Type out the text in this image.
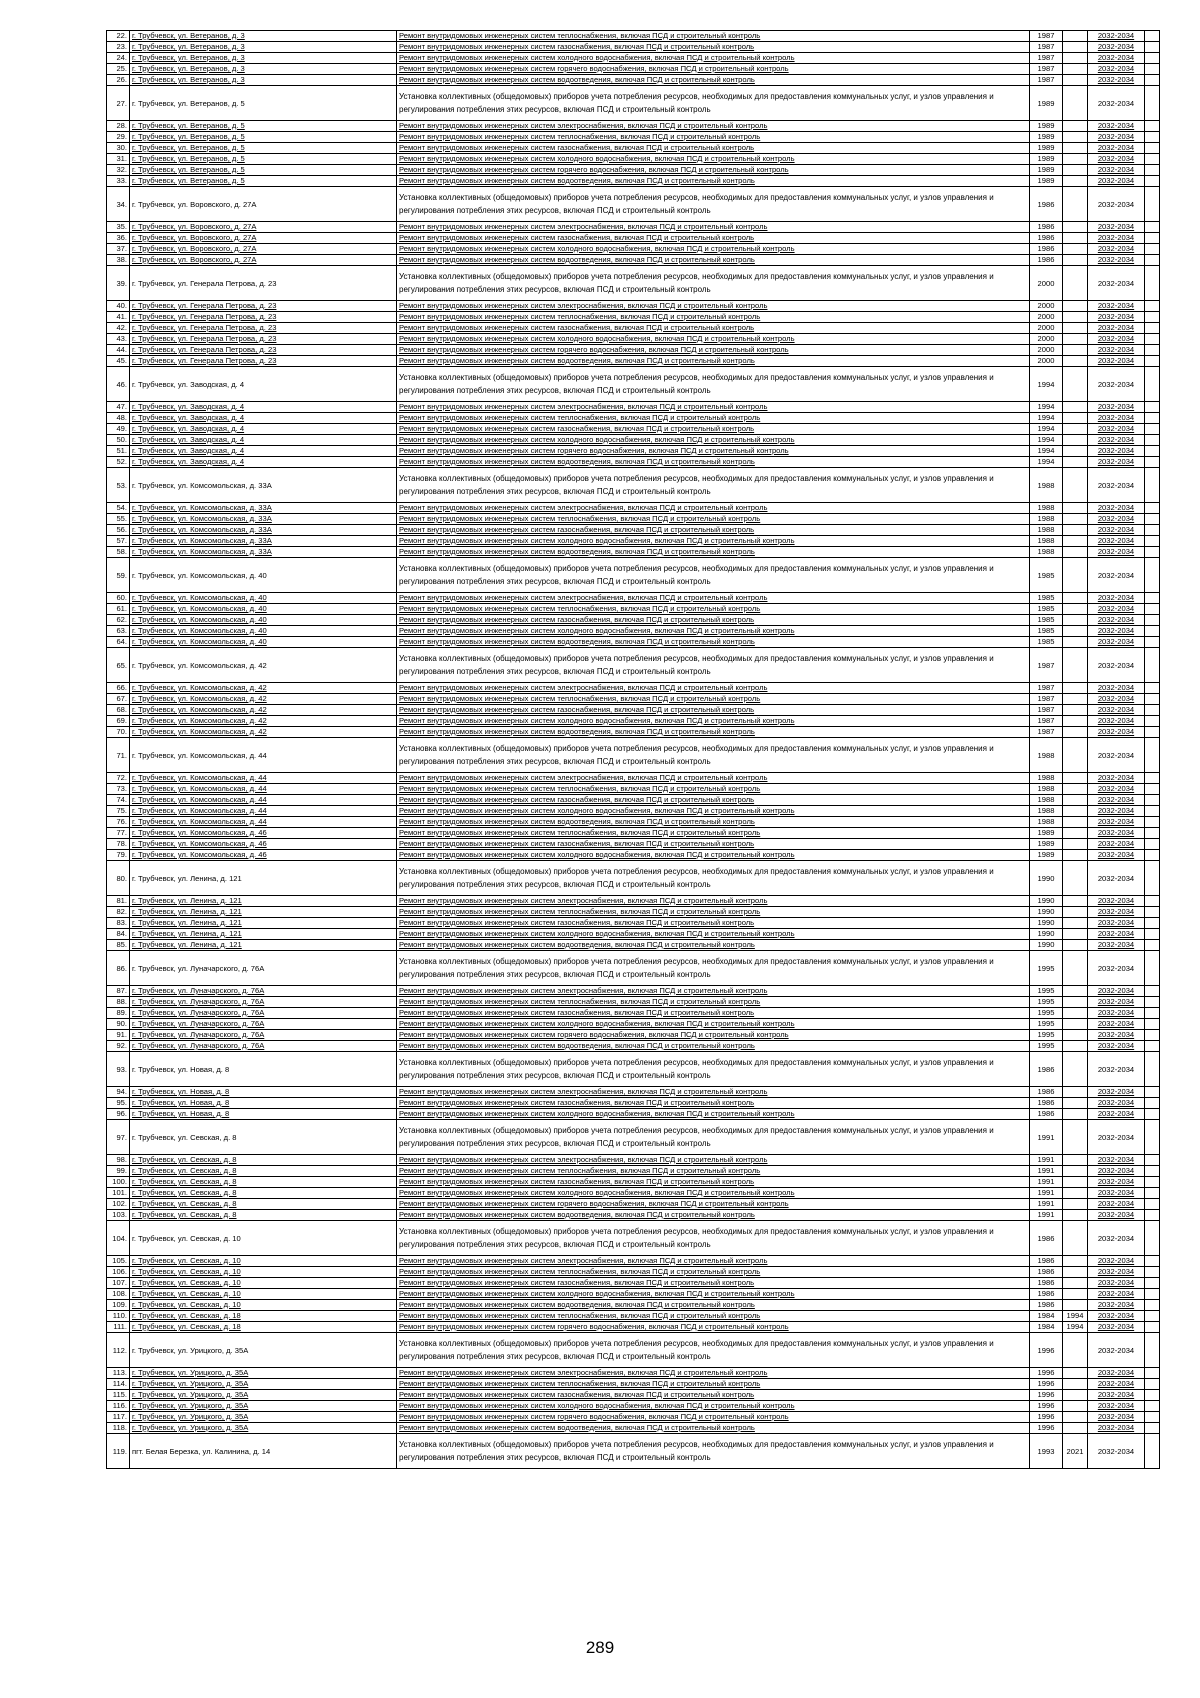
22.	г. Трубчевск, ул. Ветеранов, д. 3	Ремонт внутридомовых инженерных систем теплоснабжения, включая ПСД и строительный контроль	1987		2032-2034	
23.	г. Трубчевск, ул. Ветеранов, д. 3	Ремонт внутридомовых инженерных систем газоснабжения, включая ПСД и строительный контроль	1987		2032-2034	
24.	г. Трубчевск, ул. Ветеранов, д. 3	Ремонт внутридомовых инженерных систем холодного водоснабжения, включая ПСД и строительный контроль	1987		2032-2034	
25.	г. Трубчевск, ул. Ветеранов, д. 3	Ремонт внутридомовых инженерных систем горячего водоснабжения, включая ПСД и строительный контроль	1987		2032-2034	
26.	г. Трубчевск, ул. Ветеранов, д. 3	Ремонт внутридомовых инженерных систем водоотведения, включая ПСД и строительный контроль	1987		2032-2034	
27.	г. Трубчевск, ул. Ветеранов, д. 5	Установка коллективных (общедомовых) приборов учета потребления ресурсов, необходимых для предоставления коммунальных услуг, и узлов управления и регулирования потребления этих ресурсов, включая ПСД и строительный контроль	1989		2032-2034	
28.	г. Трубчевск, ул. Ветеранов, д. 5	Ремонт внутридомовых инженерных систем электроснабжения, включая ПСД и строительный контроль	1989		2032-2034	
29.	г. Трубчевск, ул. Ветеранов, д. 5	Ремонт внутридомовых инженерных систем теплоснабжения, включая ПСД и строительный контроль	1989		2032-2034	
30.	г. Трубчевск, ул. Ветеранов, д. 5	Ремонт внутридомовых инженерных систем газоснабжения, включая ПСД и строительный контроль	1989		2032-2034	
31.	г. Трубчевск, ул. Ветеранов, д. 5	Ремонт внутридомовых инженерных систем холодного водоснабжения, включая ПСД и строительный контроль	1989		2032-2034	
32.	г. Трубчевск, ул. Ветеранов, д. 5	Ремонт внутридомовых инженерных систем горячего водоснабжения, включая ПСД и строительный контроль	1989		2032-2034	
33.	г. Трубчевск, ул. Ветеранов, д. 5	Ремонт внутридомовых инженерных систем водоотведения, включая ПСД и строительный контроль	1989		2032-2034	
34.	г. Трубчевск, ул. Воровского, д. 27А	Установка коллективных (общедомовых) приборов учета потребления ресурсов, необходимых для предоставления коммунальных услуг, и узлов управления и регулирования потребления этих ресурсов, включая ПСД и строительный контроль	1986		2032-2034	
35.	г. Трубчевск, ул. Воровского, д. 27А	Ремонт внутридомовых инженерных систем электроснабжения, включая ПСД и строительный контроль	1986		2032-2034	
36.	г. Трубчевск, ул. Воровского, д. 27А	Ремонт внутридомовых инженерных систем газоснабжения, включая ПСД и строительный контроль	1986		2032-2034	
37.	г. Трубчевск, ул. Воровского, д. 27А	Ремонт внутридомовых инженерных систем холодного водоснабжения, включая ПСД и строительный контроль	1986		2032-2034	
38.	г. Трубчевск, ул. Воровского, д. 27А	Ремонт внутридомовых инженерных систем водоотведения, включая ПСД и строительный контроль	1986		2032-2034	
39.	г. Трубчевск, ул. Генерала Петрова, д. 23	Установка коллективных (общедомовых) приборов учета потребления ресурсов, необходимых для предоставления коммунальных услуг, и узлов управления и регулирования потребления этих ресурсов, включая ПСД и строительный контроль	2000		2032-2034	
40.	г. Трубчевск, ул. Генерала Петрова, д. 23	Ремонт внутридомовых инженерных систем электроснабжения, включая ПСД и строительный контроль	2000		2032-2034	
41.	г. Трубчевск, ул. Генерала Петрова, д. 23	Ремонт внутридомовых инженерных систем теплоснабжения, включая ПСД и строительный контроль	2000		2032-2034	
42.	г. Трубчевск, ул. Генерала Петрова, д. 23	Ремонт внутридомовых инженерных систем газоснабжения, включая ПСД и строительный контроль	2000		2032-2034	
43.	г. Трубчевск, ул. Генерала Петрова, д. 23	Ремонт внутридомовых инженерных систем холодного водоснабжения, включая ПСД и строительный контроль	2000		2032-2034	
44.	г. Трубчевск, ул. Генерала Петрова, д. 23	Ремонт внутридомовых инженерных систем горячего водоснабжения, включая ПСД и строительный контроль	2000		2032-2034	
45.	г. Трубчевск, ул. Генерала Петрова, д. 23	Ремонт внутридомовых инженерных систем водоотведения, включая ПСД и строительный контроль	2000		2032-2034	
46.	г. Трубчевск, ул. Заводская, д. 4	Установка коллективных (общедомовых) приборов учета потребления ресурсов, необходимых для предоставления коммунальных услуг, и узлов управления и регулирования потребления этих ресурсов, включая ПСД и строительный контроль	1994		2032-2034	
47.	г. Трубчевск, ул. Заводская, д. 4	Ремонт внутридомовых инженерных систем электроснабжения, включая ПСД и строительный контроль	1994		2032-2034	
48.	г. Трубчевск, ул. Заводская, д. 4	Ремонт внутридомовых инженерных систем теплоснабжения, включая ПСД и строительный контроль	1994		2032-2034	
49.	г. Трубчевск, ул. Заводская, д. 4	Ремонт внутридомовых инженерных систем газоснабжения, включая ПСД и строительный контроль	1994		2032-2034	
50.	г. Трубчевск, ул. Заводская, д. 4	Ремонт внутридомовых инженерных систем холодного водоснабжения, включая ПСД и строительный контроль	1994		2032-2034	
51.	г. Трубчевск, ул. Заводская, д. 4	Ремонт внутридомовых инженерных систем горячего водоснабжения, включая ПСД и строительный контроль	1994		2032-2034	
52.	г. Трубчевск, ул. Заводская, д. 4	Ремонт внутридомовых инженерных систем водоотведения, включая ПСД и строительный контроль	1994		2032-2034	
53.	г. Трубчевск, ул. Комсомольская, д. 33А	Установка коллективных (общедомовых) приборов учета потребления ресурсов, необходимых для предоставления коммунальных услуг, и узлов управления и регулирования потребления этих ресурсов, включая ПСД и строительный контроль	1988		2032-2034	
54.	г. Трубчевск, ул. Комсомольская, д. 33А	Ремонт внутридомовых инженерных систем электроснабжения, включая ПСД и строительный контроль	1988		2032-2034	
55.	г. Трубчевск, ул. Комсомольская, д. 33А	Ремонт внутридомовых инженерных систем теплоснабжения, включая ПСД и строительный контроль	1988		2032-2034	
56.	г. Трубчевск, ул. Комсомольская, д. 33А	Ремонт внутридомовых инженерных систем газоснабжения, включая ПСД и строительный контроль	1988		2032-2034	
57.	г. Трубчевск, ул. Комсомольская, д. 33А	Ремонт внутридомовых инженерных систем холодного водоснабжения, включая ПСД и строительный контроль	1988		2032-2034	
58.	г. Трубчевск, ул. Комсомольская, д. 33А	Ремонт внутридомовых инженерных систем водоотведения, включая ПСД и строительный контроль	1988		2032-2034	
59.	г. Трубчевск, ул. Комсомольская, д. 40	Установка коллективных (общедомовых) приборов учета потребления ресурсов, необходимых для предоставления коммунальных услуг, и узлов управления и регулирования потребления этих ресурсов, включая ПСД и строительный контроль	1985		2032-2034	
60.	г. Трубчевск, ул. Комсомольская, д. 40	Ремонт внутридомовых инженерных систем электроснабжения, включая ПСД и строительный контроль	1985		2032-2034	
61.	г. Трубчевск, ул. Комсомольская, д. 40	Ремонт внутридомовых инженерных систем теплоснабжения, включая ПСД и строительный контроль	1985		2032-2034	
62.	г. Трубчевск, ул. Комсомольская, д. 40	Ремонт внутридомовых инженерных систем газоснабжения, включая ПСД и строительный контроль	1985		2032-2034	
63.	г. Трубчевск, ул. Комсомольская, д. 40	Ремонт внутридомовых инженерных систем холодного водоснабжения, включая ПСД и строительный контроль	1985		2032-2034	
64.	г. Трубчевск, ул. Комсомольская, д. 40	Ремонт внутридомовых инженерных систем водоотведения, включая ПСД и строительный контроль	1985		2032-2034	
65.	г. Трубчевск, ул. Комсомольская, д. 42	Установка коллективных (общедомовых) приборов учета потребления ресурсов, необходимых для предоставления коммунальных услуг, и узлов управления и регулирования потребления этих ресурсов, включая ПСД и строительный контроль	1987		2032-2034	
66.	г. Трубчевск, ул. Комсомольская, д. 42	Ремонт внутридомовых инженерных систем электроснабжения, включая ПСД и строительный контроль	1987		2032-2034	
67.	г. Трубчевск, ул. Комсомольская, д. 42	Ремонт внутридомовых инженерных систем теплоснабжения, включая ПСД и строительный контроль	1987		2032-2034	
68.	г. Трубчевск, ул. Комсомольская, д. 42	Ремонт внутридомовых инженерных систем газоснабжения, включая ПСД и строительный контроль	1987		2032-2034	
69.	г. Трубчевск, ул. Комсомольская, д. 42	Ремонт внутридомовых инженерных систем холодного водоснабжения, включая ПСД и строительный контроль	1987		2032-2034	
70.	г. Трубчевск, ул. Комсомольская, д. 42	Ремонт внутридомовых инженерных систем водоотведения, включая ПСД и строительный контроль	1987		2032-2034	
71.	г. Трубчевск, ул. Комсомольская, д. 44	Установка коллективных (общедомовых) приборов учета потребления ресурсов, необходимых для предоставления коммунальных услуг, и узлов управления и регулирования потребления этих ресурсов, включая ПСД и строительный контроль	1988		2032-2034	
72.	г. Трубчевск, ул. Комсомольская, д. 44	Ремонт внутридомовых инженерных систем электроснабжения, включая ПСД и строительный контроль	1988		2032-2034	
73.	г. Трубчевск, ул. Комсомольская, д. 44	Ремонт внутридомовых инженерных систем теплоснабжения, включая ПСД и строительный контроль	1988		2032-2034	
74.	г. Трубчевск, ул. Комсомольская, д. 44	Ремонт внутридомовых инженерных систем газоснабжения, включая ПСД и строительный контроль	1988		2032-2034	
75.	г. Трубчевск, ул. Комсомольская, д. 44	Ремонт внутридомовых инженерных систем холодного водоснабжения, включая ПСД и строительный контроль	1988		2032-2034	
76.	г. Трубчевск, ул. Комсомольская, д. 44	Ремонт внутридомовых инженерных систем водоотведения, включая ПСД и строительный контроль	1988		2032-2034	
77.	г. Трубчевск, ул. Комсомольская, д. 46	Ремонт внутридомовых инженерных систем теплоснабжения, включая ПСД и строительный контроль	1989		2032-2034	
78.	г. Трубчевск, ул. Комсомольская, д. 46	Ремонт внутридомовых инженерных систем газоснабжения, включая ПСД и строительный контроль	1989		2032-2034	
79.	г. Трубчевск, ул. Комсомольская, д. 46	Ремонт внутридомовых инженерных систем холодного водоснабжения, включая ПСД и строительный контроль	1989		2032-2034	
80.	г. Трубчевск, ул. Ленина, д. 121	Установка коллективных (общедомовых) приборов учета потребления ресурсов, необходимых для предоставления коммунальных услуг, и узлов управления и регулирования потребления этих ресурсов, включая ПСД и строительный контроль	1990		2032-2034	
81.	г. Трубчевск, ул. Ленина, д. 121	Ремонт внутридомовых инженерных систем электроснабжения, включая ПСД и строительный контроль	1990		2032-2034	
82.	г. Трубчевск, ул. Ленина, д. 121	Ремонт внутридомовых инженерных систем теплоснабжения, включая ПСД и строительный контроль	1990		2032-2034	
83.	г. Трубчевск, ул. Ленина, д. 121	Ремонт внутридомовых инженерных систем газоснабжения, включая ПСД и строительный контроль	1990		2032-2034	
84.	г. Трубчевск, ул. Ленина, д. 121	Ремонт внутридомовых инженерных систем холодного водоснабжения, включая ПСД и строительный контроль	1990		2032-2034	
85.	г. Трубчевск, ул. Ленина, д. 121	Ремонт внутридомовых инженерных систем водоотведения, включая ПСД и строительный контроль	1990		2032-2034	
86.	г. Трубчевск, ул. Луначарского, д. 76А	Установка коллективных (общедомовых) приборов учета потребления ресурсов, необходимых для предоставления коммунальных услуг, и узлов управления и регулирования потребления этих ресурсов, включая ПСД и строительный контроль	1995		2032-2034	
87.	г. Трубчевск, ул. Луначарского, д. 76А	Ремонт внутридомовых инженерных систем электроснабжения, включая ПСД и строительный контроль	1995		2032-2034	
88.	г. Трубчевск, ул. Луначарского, д. 76А	Ремонт внутридомовых инженерных систем теплоснабжения, включая ПСД и строительный контроль	1995		2032-2034	
89.	г. Трубчевск, ул. Луначарского, д. 76А	Ремонт внутридомовых инженерных систем газоснабжения, включая ПСД и строительный контроль	1995		2032-2034	
90.	г. Трубчевск, ул. Луначарского, д. 76А	Ремонт внутридомовых инженерных систем холодного водоснабжения, включая ПСД и строительный контроль	1995		2032-2034	
91.	г. Трубчевск, ул. Луначарского, д. 76А	Ремонт внутридомовых инженерных систем горячего водоснабжения, включая ПСД и строительный контроль	1995		2032-2034	
92.	г. Трубчевск, ул. Луначарского, д. 76А	Ремонт внутридомовых инженерных систем водоотведения, включая ПСД и строительный контроль	1995		2032-2034	
93.	г. Трубчевск, ул. Новая, д. 8	Установка коллективных (общедомовых) приборов учета потребления ресурсов, необходимых для предоставления коммунальных услуг, и узлов управления и регулирования потребления этих ресурсов, включая ПСД и строительный контроль	1986		2032-2034	
94.	г. Трубчевск, ул. Новая, д. 8	Ремонт внутридомовых инженерных систем электроснабжения, включая ПСД и строительный контроль	1986		2032-2034	
95.	г. Трубчевск, ул. Новая, д. 8	Ремонт внутридомовых инженерных систем газоснабжения, включая ПСД и строительный контроль	1986		2032-2034	
96.	г. Трубчевск, ул. Новая, д. 8	Ремонт внутридомовых инженерных систем холодного водоснабжения, включая ПСД и строительный контроль	1986		2032-2034	
97.	г. Трубчевск, ул. Севская, д. 8	Установка коллективных (общедомовых) приборов учета потребления ресурсов, необходимых для предоставления коммунальных услуг, и узлов управления и регулирования потребления этих ресурсов, включая ПСД и строительный контроль	1991		2032-2034	
98.	г. Трубчевск, ул. Севская, д. 8	Ремонт внутридомовых инженерных систем электроснабжения, включая ПСД и строительный контроль	1991		2032-2034	
99.	г. Трубчевск, ул. Севская, д. 8	Ремонт внутридомовых инженерных систем теплоснабжения, включая ПСД и строительный контроль	1991		2032-2034	
100.	г. Трубчевск, ул. Севская, д. 8	Ремонт внутридомовых инженерных систем газоснабжения, включая ПСД и строительный контроль	1991		2032-2034	
101.	г. Трубчевск, ул. Севская, д. 8	Ремонт внутридомовых инженерных систем холодного водоснабжения, включая ПСД и строительный контроль	1991		2032-2034	
102.	г. Трубчевск, ул. Севская, д. 8	Ремонт внутридомовых инженерных систем горячего водоснабжения, включая ПСД и строительный контроль	1991		2032-2034	
103.	г. Трубчевск, ул. Севская, д. 8	Ремонт внутридомовых инженерных систем водоотведения, включая ПСД и строительный контроль	1991		2032-2034	
104.	г. Трубчевск, ул. Севская, д. 10	Установка коллективных (общедомовых) приборов учета потребления ресурсов, необходимых для предоставления коммунальных услуг, и узлов управления и регулирования потребления этих ресурсов, включая ПСД и строительный контроль	1986		2032-2034	
105.	г. Трубчевск, ул. Севская, д. 10	Ремонт внутридомовых инженерных систем электроснабжения, включая ПСД и строительный контроль	1986		2032-2034	
106.	г. Трубчевск, ул. Севская, д. 10	Ремонт внутридомовых инженерных систем теплоснабжения, включая ПСД и строительный контроль	1986		2032-2034	
107.	г. Трубчевск, ул. Севская, д. 10	Ремонт внутридомовых инженерных систем газоснабжения, включая ПСД и строительный контроль	1986		2032-2034	
108.	г. Трубчевск, ул. Севская, д. 10	Ремонт внутридомовых инженерных систем холодного водоснабжения, включая ПСД и строительный контроль	1986		2032-2034	
109.	г. Трубчевск, ул. Севская, д. 10	Ремонт внутридомовых инженерных систем водоотведения, включая ПСД и строительный контроль	1986		2032-2034	
110.	г. Трубчевск, ул. Севская, д. 18	Ремонт внутридомовых инженерных систем теплоснабжения, включая ПСД и строительный контроль	1984	1994	2032-2034	
111.	г. Трубчевск, ул. Севская, д. 18	Ремонт внутридомовых инженерных систем горячего водоснабжения, включая ПСД и строительный контроль	1984	1994	2032-2034	
112.	г. Трубчевск, ул. Урицкого, д. 35А	Установка коллективных (общедомовых) приборов учета потребления ресурсов, необходимых для предоставления коммунальных услуг, и узлов управления и регулирования потребления этих ресурсов, включая ПСД и строительный контроль	1996		2032-2034	
113.	г. Трубчевск, ул. Урицкого, д. 35А	Ремонт внутридомовых инженерных систем электроснабжения, включая ПСД и строительный контроль	1996		2032-2034	
114.	г. Трубчевск, ул. Урицкого, д. 35А	Ремонт внутридомовых инженерных систем теплоснабжения, включая ПСД и строительный контроль	1996		2032-2034	
115.	г. Трубчевск, ул. Урицкого, д. 35А	Ремонт внутридомовых инженерных систем газоснабжения, включая ПСД и строительный контроль	1996		2032-2034	
116.	г. Трубчевск, ул. Урицкого, д. 35А	Ремонт внутридомовых инженерных систем холодного водоснабжения, включая ПСД и строительный контроль	1996		2032-2034	
117.	г. Трубчевск, ул. Урицкого, д. 35А	Ремонт внутридомовых инженерных систем горячего водоснабжения, включая ПСД и строительный контроль	1996		2032-2034	
118.	г. Трубчевск, ул. Урицкого, д. 35А	Ремонт внутридомовых инженерных систем водоотведения, включая ПСД и строительный контроль	1996		2032-2034	
119.	пгт. Белая Березка, ул. Калинина, д. 14	Установка коллективных (общедомовых) приборов учета потребления ресурсов, необходимых для предоставления коммунальных услуг, и узлов управления и регулирования потребления этих ресурсов, включая ПСД и строительный контроль	1993	2021	2032-2034	
289
